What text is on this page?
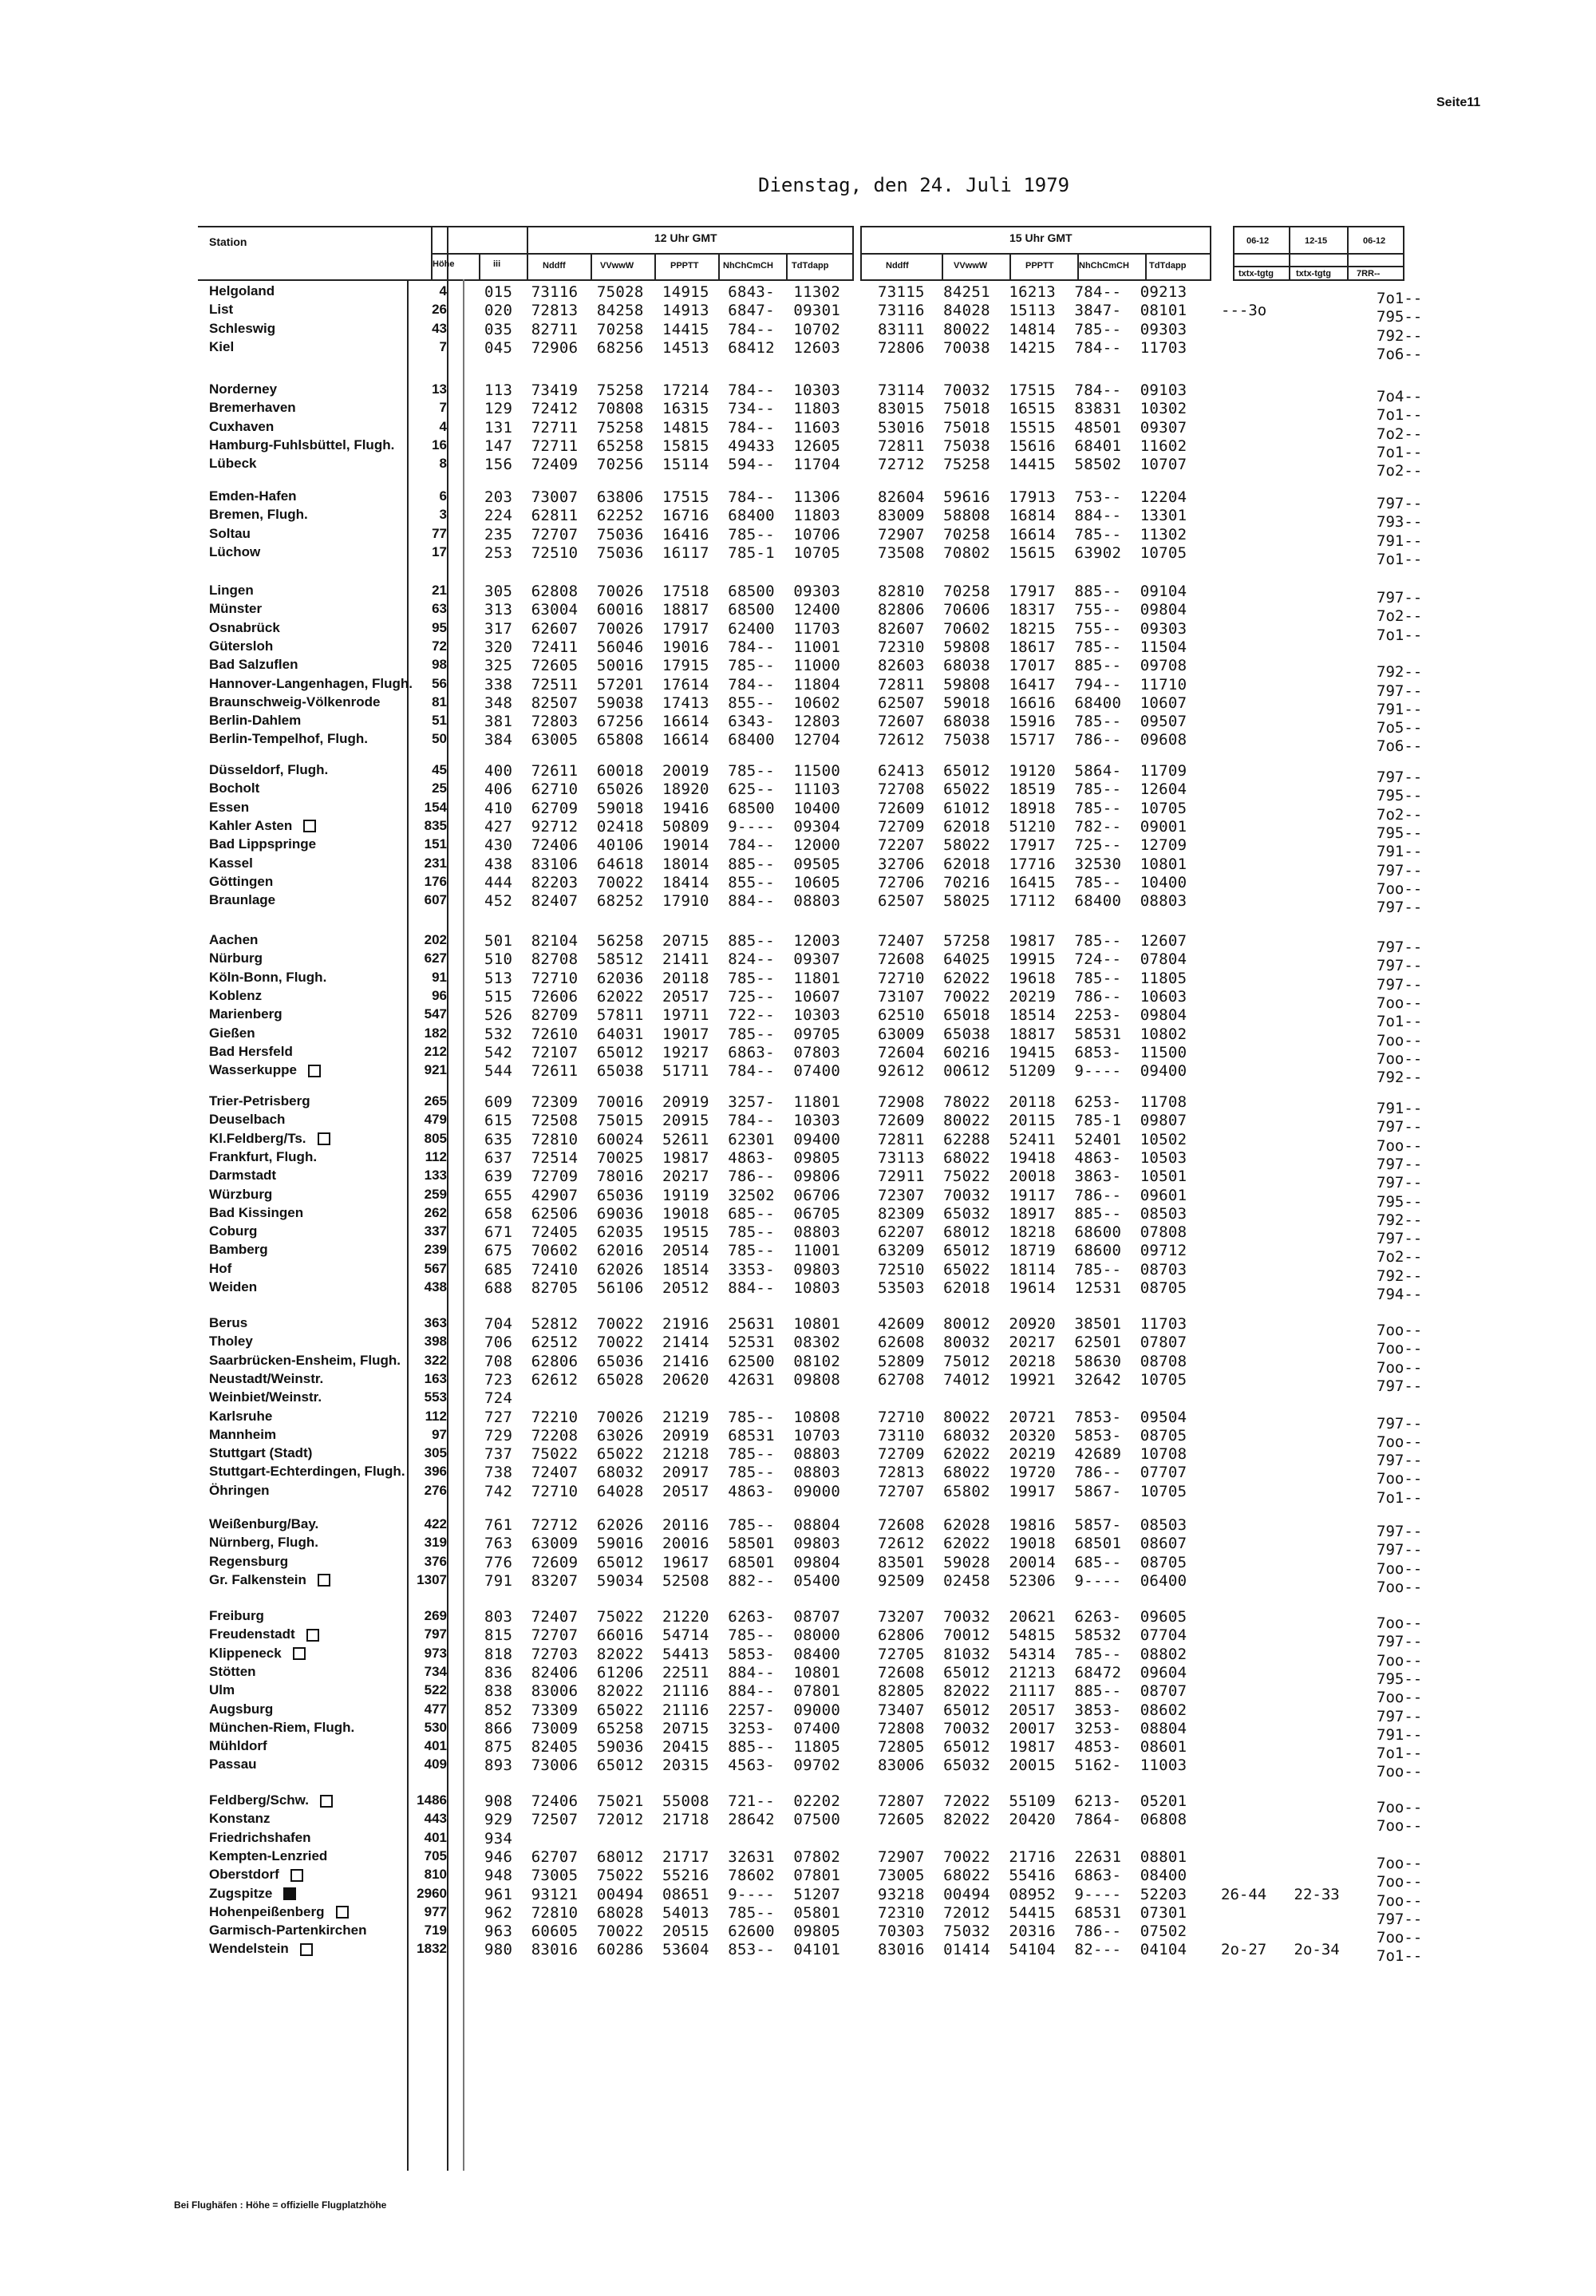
Seite11
Dienstag, den 24. Juli 1979
Station
Höhe	iii
12 Uhr GMT	15 Uhr GMT
Nddff	VVwwW	PPPTT	NhChCmCH TdTdapp	Nddff	VVwwW	PPPTT	NhChCmCH TdTdapp
06-12	12-15	06-12
txtx-tgtg	txtx-tgtg	7RR--
Helgoland	4 015  73116  75028  14915  6843-  11302 73115  84251  16213  784--  09213	7o1--
List	26 020  72813  84258  14913  6847-  09301 73116  84028  15113  3847-  08101 ---3o	795--
Schleswig	43 035  82711  70258  14415  784--  10702 83111  80022  14814  785--  09303	792--
Kiel	7 045  72906  68256  14513  68412  12603 72806  70038  14215  784--  11703	7o6--
Norderney	13 113  73419  75258  17214  784--  10303 73114  70032  17515  784--  09103	7o4--
Bremerhaven	7 129  72412  70808  16315  734--  11803 83015  75018  16515  83831  10302	7o1--
Cuxhaven	4 131  72711  75258  14815  784--  11603 53016  75018  15515  48501  09307	7o2--
Hamburg-Fuhlsbüttel, Flugh.	16 147  72711  65258  15815  49433  12605 72811  75038  15616  68401  11602	7o1--
Lübeck	8 156  72409  70256  15114  594--  11704 72712  75258  14415  58502  10707	7o2--
Emden-Hafen	6 203  73007  63806  17515  784--  11306 82604  59616  17913  753--  12204	797--
Bremen, Flugh.	3 224  62811  62252  16716  68400  11803 83009  58808  16814  884--  13301	793--
Soltau	77 235  72707  75036  16416  785--  10706 72907  70258  16614  785--  11302	791--
Lüchow	17 253  72510  75036  16117  785-1  10705 73508  70802  15615  63902  10705	7o1--
Lingen	21 305  62808  70026  17518  68500  09303 82810  70258  17917  885--  09104	797--
Münster	63 313  63004  60016  18817  68500  12400 82806  70606  18317  755--  09804	7o2--
Osnabrück	95 317  62607  70026  17917  62400  11703 82607  70602  18215  755--  09303	7o1--
Gütersloh	72 320  72411  56046  19016  784--  11001 72310  59808  18617  785--  11504
Bad Salzuflen	98 325  72605  50016  17915  785--  11000 82603  68038  17017  885--  09708	792--
Hannover-Langenhagen, Flugh.	56 338  72511  57201  17614  784--  11804 72811  59808  16417  794--  11710	797--
Braunschweig-Völkenrode	81 348  82507  59038  17413  855--  10602 62507  59018  16616  68400  10607	791--
Berlin-Dahlem	51 381  72803  67256  16614  6343-  12803 72607  68038  15916  785--  09507	7o5--
Berlin-Tempelhof, Flugh.	50 384  63005  65808  16614  68400  12704 72612  75038  15717  786--  09608	7o6--
Düsseldorf, Flugh.	45 400  72611  60018  20019  785--  11500 62413  65012  19120  5864-  11709	797--
Bocholt	25 406  62710  65026  18920  625--  11103 72708  65022  18519  785--  12604	795--
Essen	154 410  62709  59018  19416  68500  10400 72609  61012  18918  785--  10705	7o2--
Kahler Asten	835 427  92712  02418  50809  9----  09304 72709  62018  51210  782--  09001	795--
Bad Lippspringe	151 430  72406  40106  19014  784--  12000 72207  58022  17917  725--  12709	791--
Kassel	231 438  83106  64618  18014  885--  09505 32706  62018  17716  32530  10801	797--
Göttingen	176 444  82203  70022  18414  855--  10605 72706  70216  16415  785--  10400	7oo--
Braunlage	607 452  82407  68252  17910  884--  08803 62507  58025  17112  68400  08803	797--
Aachen	202 501  82104  56258  20715  885--  12003 72407  57258  19817  785--  12607	797--
Nürburg	627 510  82708  58512  21411  824--  09307 72608  64025  19915  724--  07804	797--
Köln-Bonn, Flugh.	91 513  72710  62036  20118  785--  11801 72710  62022  19618  785--  11805	797--
Koblenz	96 515  72606  62022  20517  725--  10607 73107  70022  20219  786--  10603	7oo--
Marienberg	547 526  82709  57811  19711  722--  10303 62510  65018  18514  2253-  09804	7o1--
Gießen	182 532  72610  64031  19017  785--  09705 63009  65038  18817  58531  10802	7oo--
Bad Hersfeld	212 542  72107  65012  19217  6863-  07803 72604  60216  19415  6853-  11500	7oo--
Wasserkuppe	921 544  72611  65038  51711  784--  07400 92612  00612  51209  9----  09400	792--
Trier-Petrisberg	265 609  72309  70016  20919  3257-  11801 72908  78022  20118  6253-  11708	791--
Deuselbach	479 615  72508  75015  20915  784--  10303 72609  80022  20115  785-1  09807	797--
Kl.Feldberg/Ts.	805 635  72810  60024  52611  62301  09400 72811  62288  52411  52401  10502	7oo--
Frankfurt, Flugh.	112 637  72514  70025  19817  4863-  09805 73113  68022  19418  4863-  10503	797--
Darmstadt	133 639  72709  78016  20217  786--  09806 72911  75022  20018  3863-  10501	797--
Würzburg	259 655  42907  65036  19119  32502  06706 72307  70032  19117  786--  09601	795--
Bad Kissingen	262 658  62506  69036  19018  685--  06705 82309  65032  18917  885--  08503	792--
Coburg	337 671  72405  62035  19515  785--  08803 62207  68012  18218  68600  07808	797--
Bamberg	239 675  70602  62016  20514  785--  11001 63209  65012  18719  68600  09712	7o2--
Hof	567 685  72410  62026  18514  3353-  09803 72510  65022  18114  785--  08703	792--
Weiden	438 688  82705  56106  20512  884--  10803 53503  62018  19614  12531  08705	794--
Berus	363 704  52812  70022  21916  25631  10801 42609  80012  20920  38501  11703	7oo--
Tholey	398 706  62512  70022  21414  52531  08302 62608  80032  20217  62501  07807	7oo--
Saarbrücken-Ensheim, Flugh.	322 708  62806  65036  21416  62500  08102 52809  75012  20218  58630  08708	7oo--
Neustadt/Weinstr.	163 723  62612  65028  20620  42631  09808 62708  74012  19921  32642  10705	797--
Weinbiet/Weinstr.	553 724
Karlsruhe	112 727  72210  70026  21219  785--  10808 72710  80022  20721  7853-  09504	797--
Mannheim	97 729  72208  63026  20919  68531  10703 73110  68032  20320  5853-  08705	7oo--
Stuttgart (Stadt)	305 737  75022  65022  21218  785--  08803 72709  62022  20219  42689  10708	797--
Stuttgart-Echterdingen, Flugh.	396 738  72407  68032  20917  785--  08803 72813  68022  19720  786--  07707	7oo--
Öhringen	276 742  72710  64028  20517  4863-  09000 72707  65802  19917  5867-  10705	7o1--
Weißenburg/Bay.	422 761  72712  62026  20116  785--  08804 72608  62028  19816  5857-  08503	797--
Nürnberg, Flugh.	319 763  63009  59016  20016  58501  09803 72612  62022  19018  68501  08607	797--
Regensburg	376 776  72609  65012  19617  68501  09804 83501  59028  20014  685--  08705	7oo--
Gr. Falkenstein	1307 791  83207  59034  52508  882--  05400 92509  02458  52306  9----  06400	7oo--
Freiburg	269 803  72407  75022  21220  6263-  08707 73207  70032  20621  6263-  09605	7oo--
Freudenstadt	797 815  72707  66016  54714  785--  08000 62806  70012  54815  58532  07704	797--
Klippeneck	973 818  72703  82022  54413  5853-  08400 72705  81032  54314  785--  08802	7oo--
Stötten	734 836  82406  61206  22511  884--  10801 72608  65012  21213  68472  09604	795--
Ulm	522 838  83006  82022  21116  884--  07801 82805  82022  21117  885--  08707	7oo--
Augsburg	477 852  73309  65022  21116  2257-  09000 73407  65012  20517  3853-  08602	797--
München-Riem, Flugh.	530 866  73009  65258  20715  3253-  07400 72808  70032  20017  3253-  08804	791--
Mühldorf	401 875  82405  59036  20415  885--  11805 72805  65012  19817  4853-  08601	7o1--
Passau	409 893  73006  65012  20315  4563-  09702 83006  65032  20015  5162-  11003	7oo--
Feldberg/Schw.	1486 908  72406  75021  55008  721--  02202 72807  72022  55109  6213-  05201	7oo--
Konstanz	443 929  72507  72012  21718  28642  07500 72605  82022  20420  7864-  06808	7oo--
Friedrichshafen	401 934
Kempten-Lenzried	705 946  62707  68012  21717  32631  07802 72907  70022  21716  22631  08801	7oo--
Oberstdorf	810 948  73005  75022  55216  78602  07801 73005  68022  55416  6863-  08400	7oo--
Zugspitze	2960 961  93121  00494  08651  9----  51207 93218  00494  08952  9----  52203 26-44   22-33 7oo--
Hohenpeißenberg	977 962  72810  68028  54013  785--  05801 72310  72012  54415  68531  07301	797--
Garmisch-Partenkirchen	719 963  60605  70022  20515  62600  09805 70303  75032  20316  786--  07502	7oo--
Wendelstein	1832 980  83016  60286  53604  853--  04101 83016  01414  54104  82---  04104 2o-27   2o-34 7o1--
Bei Flughäfen : Höhe = offizielle Flugplatzhöhe
